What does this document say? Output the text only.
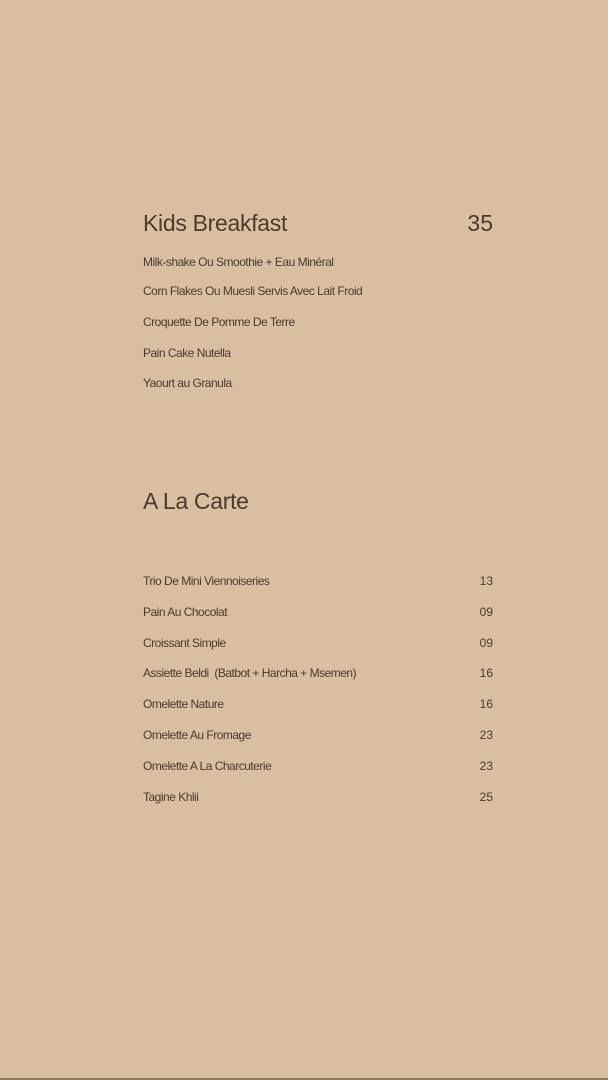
Kids Breakfast	35
Milk-shake Ou Smoothie + Eau Minéral
Corn Flakes Ou Muesli Servis Avec Lait Froid
Croquette De Pomme De Terre
Pain Cake Nutella
Yaourt au Granula
A La Carte
Trio De Mini Viennoiseries	13
Pain Au Chocolat	09
Croissant Simple	09
Assiette Beldi  (Batbot + Harcha + Msemen)	16
Omelette Nature	16
Omelette Au Fromage	23
Omelette A La Charcuterie	23
Tagine Khlii	25
